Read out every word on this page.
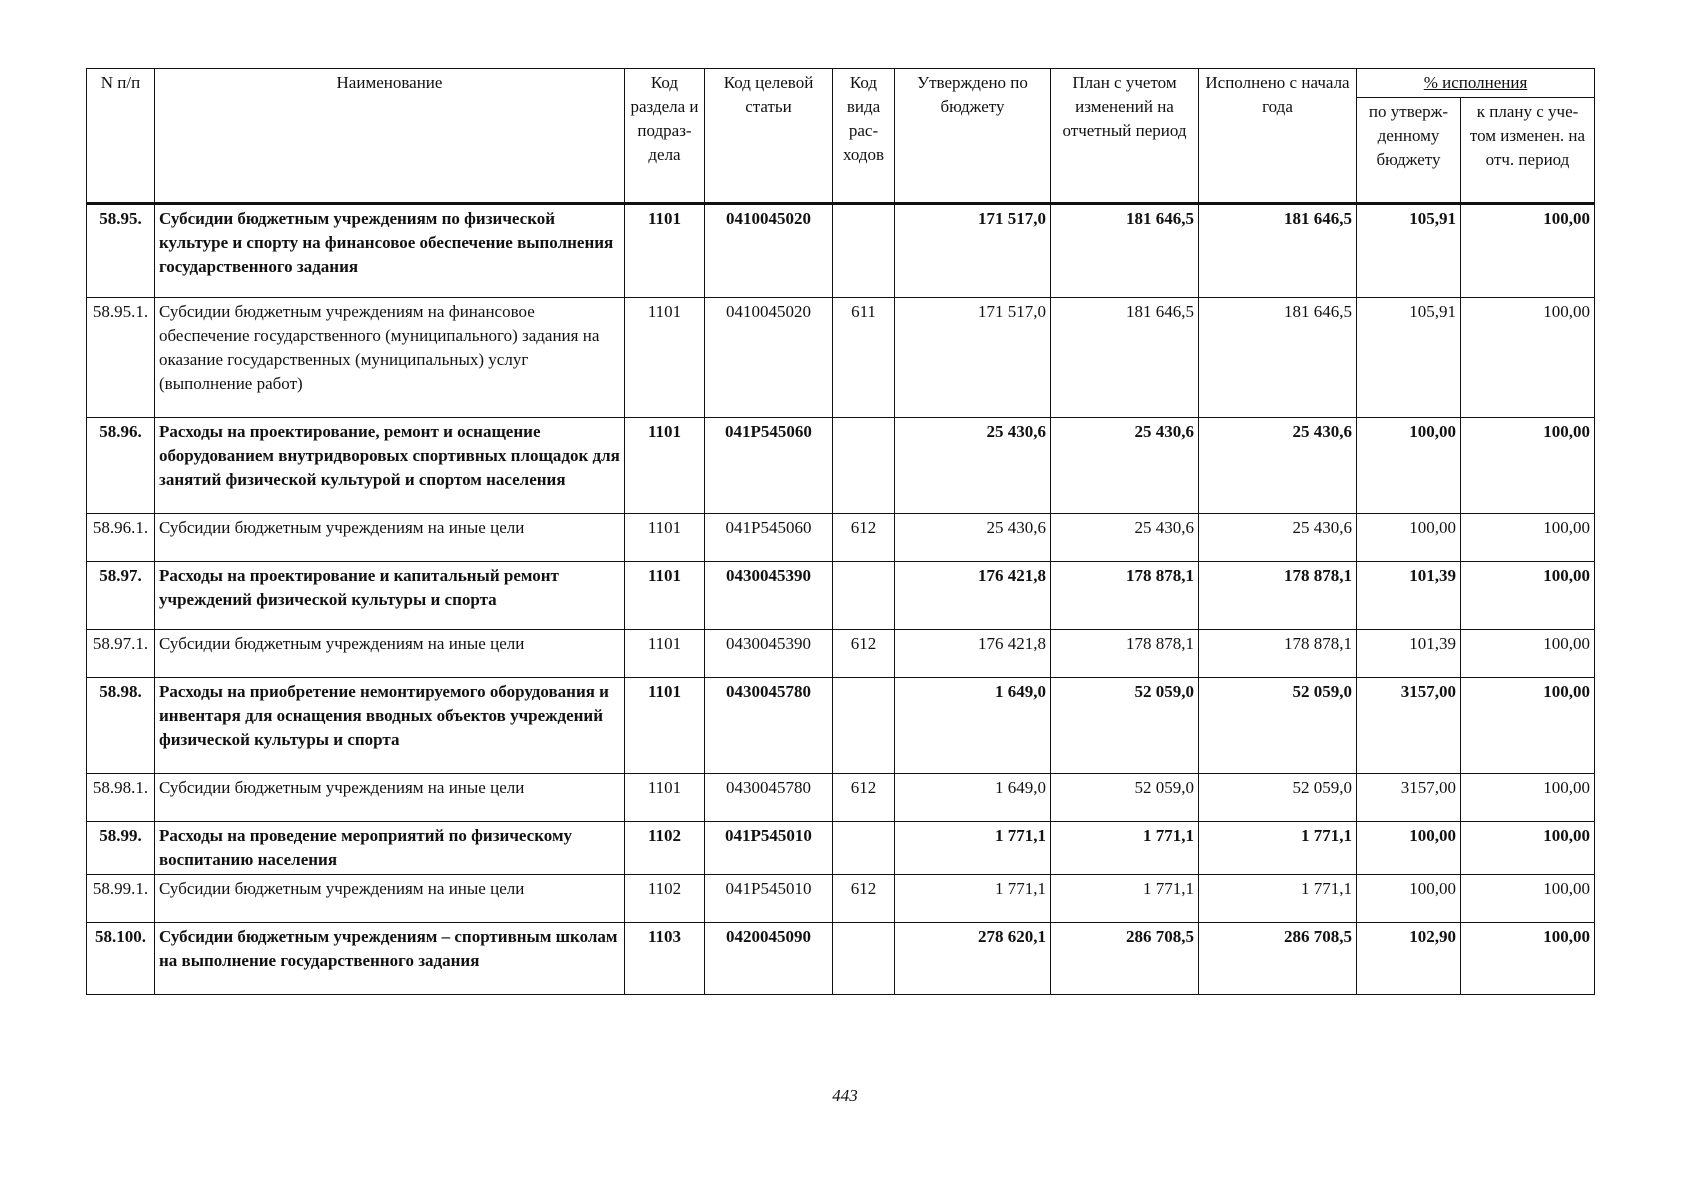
N п/п	Наименование	Код раздела и подраз-дела	Код целевой статьи	Код вида рас-ходов	Утверждено по бюджету	План с учетом изменений на отчетный период	Исполнено с начала года	% исполнения	
								по утверж-денному бюджету	к плану с уче-том изменен. на отч. период
58.95.	Субсидии бюджетным учреждениям по физической культуре и спорту на финансовое обеспечение выполнения государственного задания	1101	0410045020		171 517,0	181 646,5	181 646,5	105,91	100,00
58.95.1.	Субсидии бюджетным учреждениям на финансовое обеспечение государственного (муниципального) задания на оказание государственных (муниципальных) услуг (выполнение работ)	1101	0410045020	611	171 517,0	181 646,5	181 646,5	105,91	100,00
58.96.	Расходы на проектирование, ремонт и оснащение оборудованием внутридворовых спортивных площадок для занятий физической культурой и спортом населения	1101	041P545060		25 430,6	25 430,6	25 430,6	100,00	100,00
58.96.1.	Субсидии бюджетным учреждениям на иные цели	1101	041P545060	612	25 430,6	25 430,6	25 430,6	100,00	100,00
58.97.	Расходы на проектирование и капитальный ремонт учреждений физической культуры и спорта	1101	0430045390		176 421,8	178 878,1	178 878,1	101,39	100,00
58.97.1.	Субсидии бюджетным учреждениям на иные цели	1101	0430045390	612	176 421,8	178 878,1	178 878,1	101,39	100,00
58.98.	Расходы на приобретение немонтируемого оборудования и инвентаря для оснащения вводных объектов учреждений физической культуры и спорта	1101	0430045780		1 649,0	52 059,0	52 059,0	3157,00	100,00
58.98.1.	Субсидии бюджетным учреждениям на иные цели	1101	0430045780	612	1 649,0	52 059,0	52 059,0	3157,00	100,00
58.99.	Расходы на проведение мероприятий по физическому воспитанию населения	1102	041P545010		1 771,1	1 771,1	1 771,1	100,00	100,00
58.99.1.	Субсидии бюджетным учреждениям на иные цели	1102	041P545010	612	1 771,1	1 771,1	1 771,1	100,00	100,00
58.100.	Субсидии бюджетным учреждениям – спортивным школам на выполнение государственного задания	1103	0420045090		278 620,1	286 708,5	286 708,5	102,90	100,00
443
